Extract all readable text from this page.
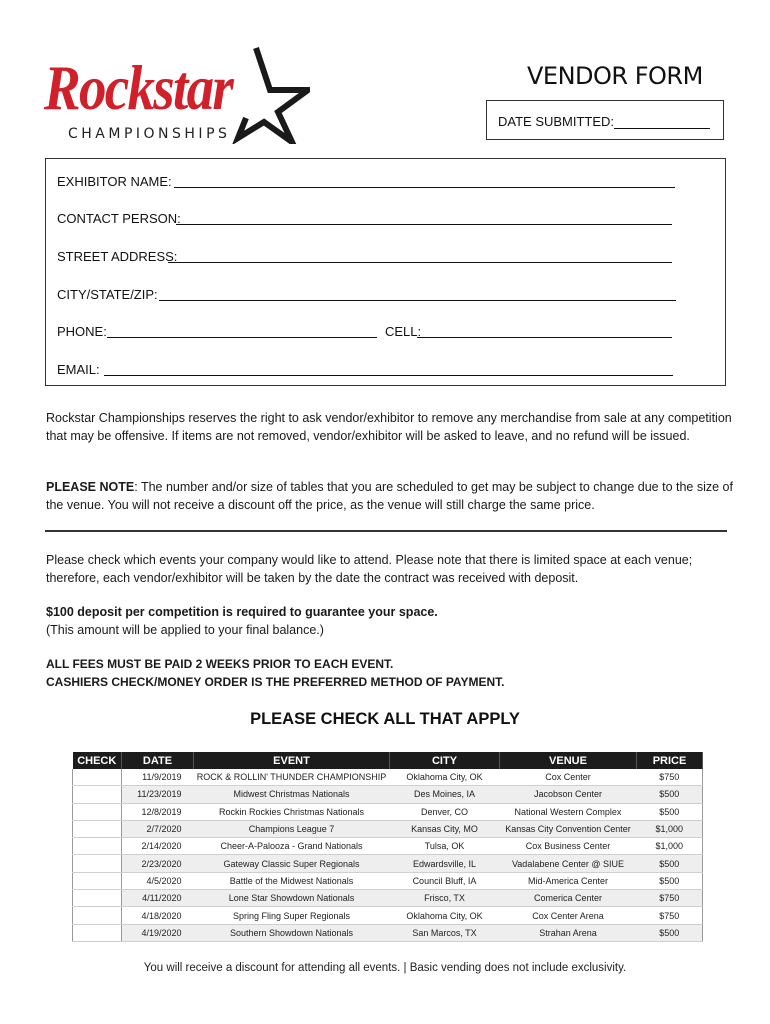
Rockstar
CHAMPIONSHIPS
VENDOR FORM
DATE SUBMITTED:
EXHIBITOR NAME:
CONTACT PERSON:
STREET ADDRESS:
CITY/STATE/ZIP:
PHONE:	CELL:
EMAIL:
Rockstar Championships reserves the right to ask vendor/exhibitor to remove any merchandise from sale at any competition that may be offensive. If items are not removed, vendor/exhibitor will be asked to leave, and no refund will be issued.
PLEASE NOTE: The number and/or size of tables that you are scheduled to get may be subject to change due to the size of the venue. You will not receive a discount off the price, as the venue will still charge the same price.
Please check which events your company would like to attend. Please note that there is limited space at each venue; therefore, each vendor/exhibitor will be taken by the date the contract was received with deposit.
$100 deposit per competition is required to guarantee your space.
(This amount will be applied to your final balance.)
ALL FEES MUST BE PAID 2 WEEKS PRIOR TO EACH EVENT.
CASHIERS CHECK/MONEY ORDER IS THE PREFERRED METHOD OF PAYMENT.
PLEASE CHECK ALL THAT APPLY
CHECK	DATE	EVENT	CITY	VENUE	PRICE
	11/9/2019	ROCK & ROLLIN' THUNDER CHAMPIONSHIP	Oklahoma City, OK	Cox Center	$750
	11/23/2019	Midwest Christmas Nationals	Des Moines, IA	Jacobson Center	$500
	12/8/2019	Rockin Rockies Christmas Nationals	Denver, CO	National Western Complex	$500
	2/7/2020	Champions League 7	Kansas City, MO	Kansas City Convention Center	$1,000
	2/14/2020	Cheer-A-Palooza - Grand Nationals	Tulsa, OK	Cox Business Center	$1,000
	2/23/2020	Gateway Classic Super Regionals	Edwardsville, IL	Vadalabene Center @ SIUE	$500
	4/5/2020	Battle of the Midwest Nationals	Council Bluff, IA	Mid-America Center	$500
	4/11/2020	Lone Star Showdown Nationals	Frisco, TX	Comerica Center	$750
	4/18/2020	Spring Fling Super Regionals	Oklahoma City, OK	Cox Center Arena	$750
	4/19/2020	Southern Showdown Nationals	San Marcos, TX	Strahan Arena	$500
You will receive a discount for attending all events. | Basic vending does not include exclusivity.
